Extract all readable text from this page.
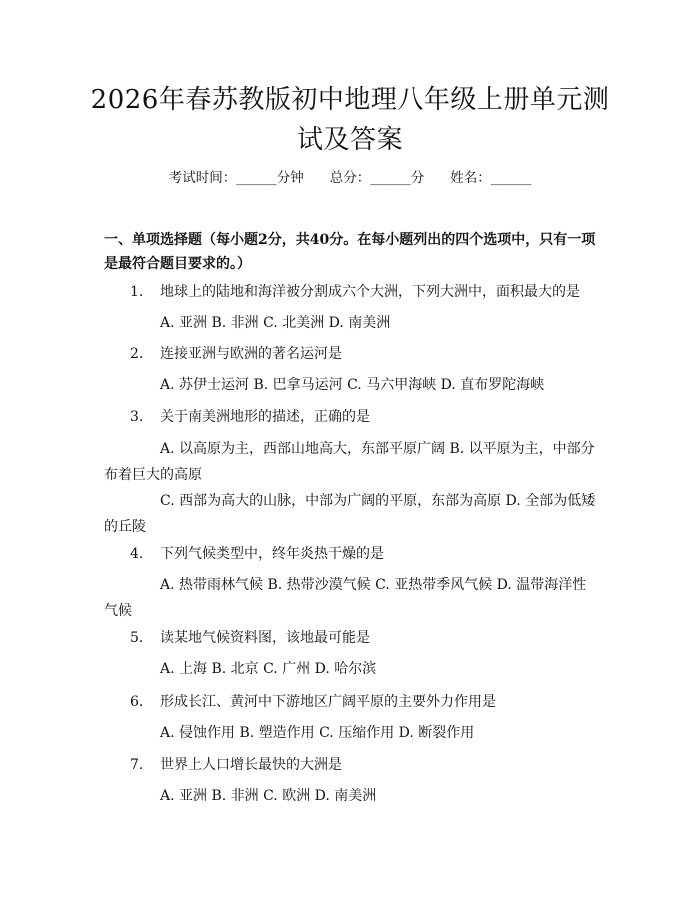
2026年春苏教版初中地理八年级上册单元测
试及答案
考试时间：______分钟 总分：______分 姓名：______
一、单项选择题（每小题2分，共40分。在每小题列出的四个选项中，只有一项是最符合题目要求的。）
1. 地球上的陆地和海洋被分割成六个大洲，下列大洲中，面积最大的是
A. 亚洲 B. 非洲 C. 北美洲 D. 南美洲
2. 连接亚洲与欧洲的著名运河是
A. 苏伊士运河 B. 巴拿马运河 C. 马六甲海峡 D. 直布罗陀海峡
3. 关于南美洲地形的描述，正确的是
A. 以高原为主，西部山地高大，东部平原广阔 B. 以平原为主，中部分布着巨大的高原
C. 西部为高大的山脉，中部为广阔的平原，东部为高原 D. 全部为低矮的丘陵
4. 下列气候类型中，终年炎热干燥的是
A. 热带雨林气候 B. 热带沙漠气候 C. 亚热带季风气候 D. 温带海洋性气候
5. 读某地气候资料图，该地最可能是
A. 上海 B. 北京 C. 广州 D. 哈尔滨
6. 形成长江、黄河中下游地区广阔平原的主要外力作用是
A. 侵蚀作用 B. 塑造作用 C. 压缩作用 D. 断裂作用
7. 世界上人口增长最快的大洲是
A. 亚洲 B. 非洲 C. 欧洲 D. 南美洲
